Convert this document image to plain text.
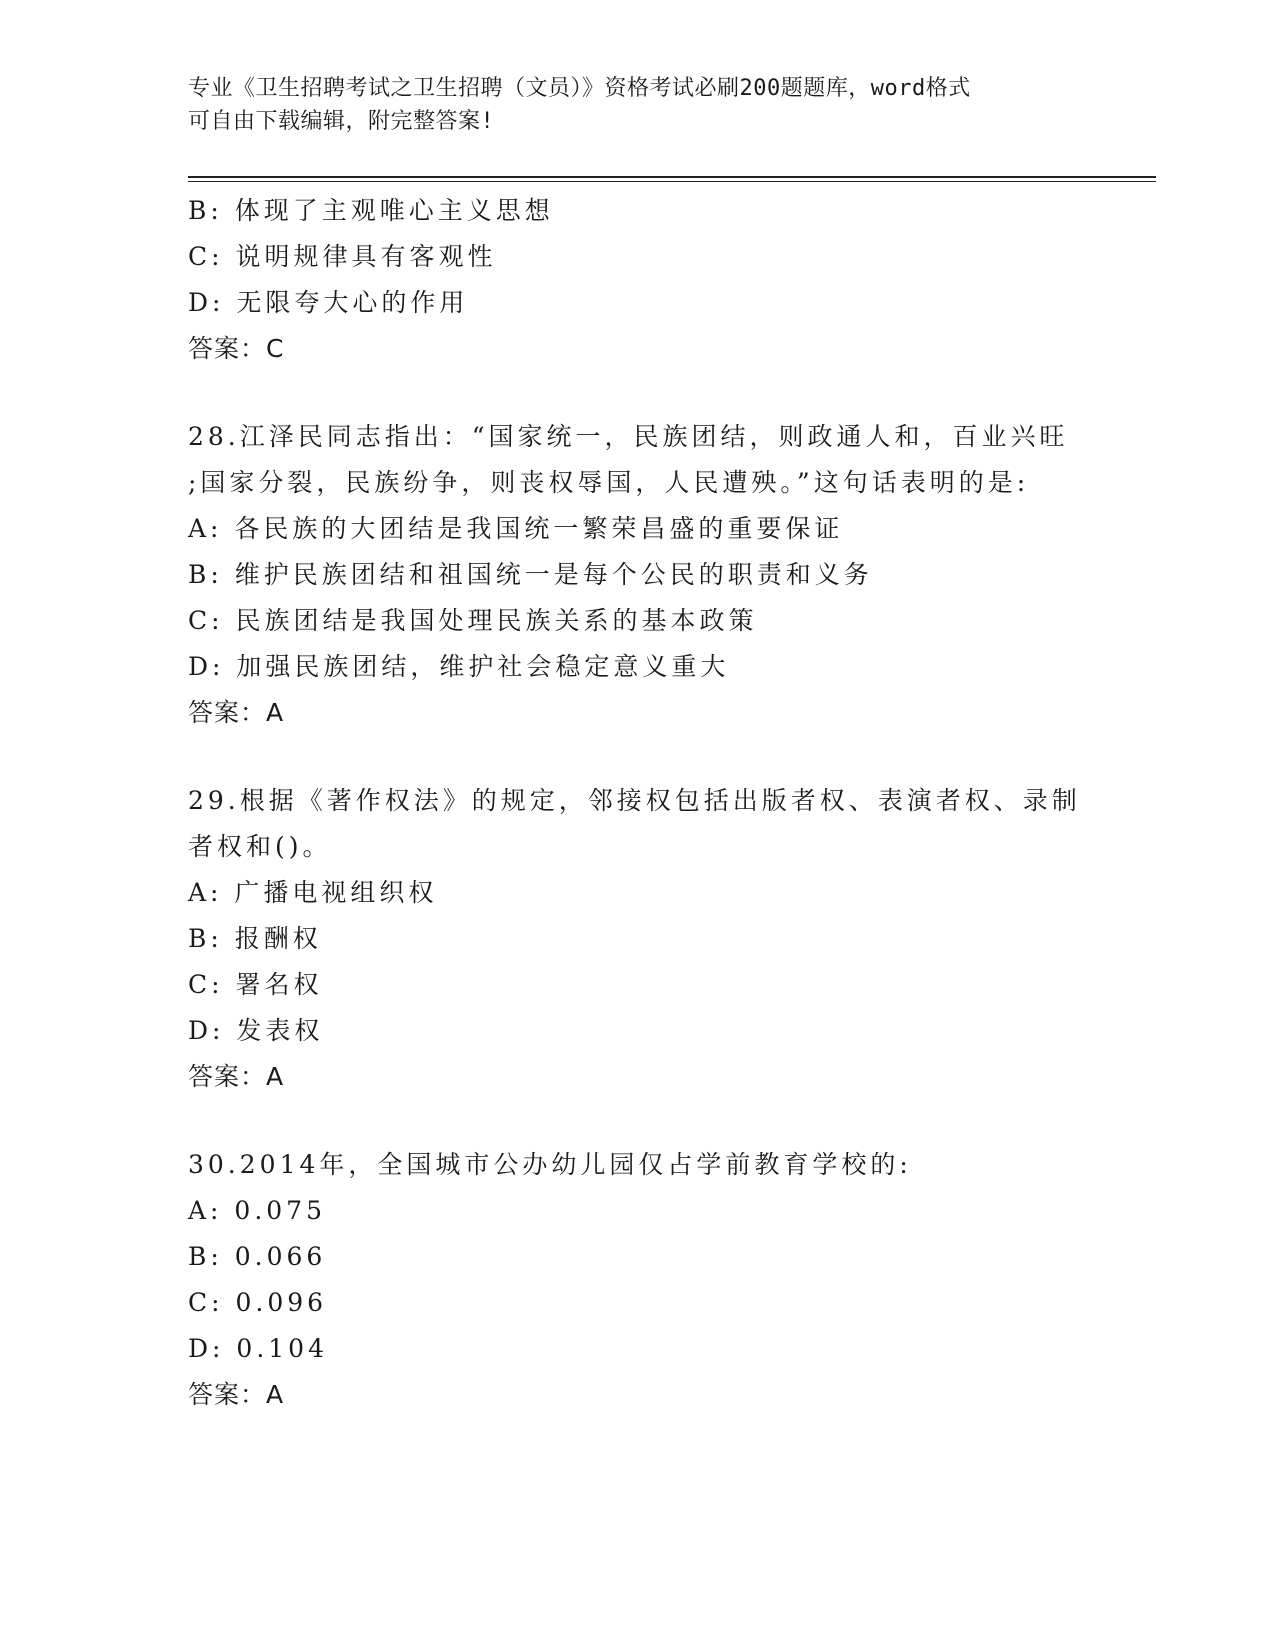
专业《卫生招聘考试之卫生招聘（文员）》资格考试必刷200题题库，word格式
可自由下载编辑，附完整答案!
B: 体现了主观唯心主义思想
C: 说明规律具有客观性
D: 无限夸大心的作用
答案：C
28.江泽民同志指出：“国家统一，民族团结，则政通人和，百业兴旺
;国家分裂，民族纷争，则丧权辱国，人民遭殃。”这句话表明的是:
A: 各民族的大团结是我国统一繁荣昌盛的重要保证
B: 维护民族团结和祖国统一是每个公民的职责和义务
C: 民族团结是我国处理民族关系的基本政策
D: 加强民族团结，维护社会稳定意义重大
答案：A
29.根据《著作权法》的规定，邻接权包括出版者权、表演者权、录制
者权和()。
A: 广播电视组织权
B: 报酬权
C: 署名权
D: 发表权
答案：A
30.2014年，全国城市公办幼儿园仅占学前教育学校的:
A: 0.075
B: 0.066
C: 0.096
D: 0.104
答案：A
